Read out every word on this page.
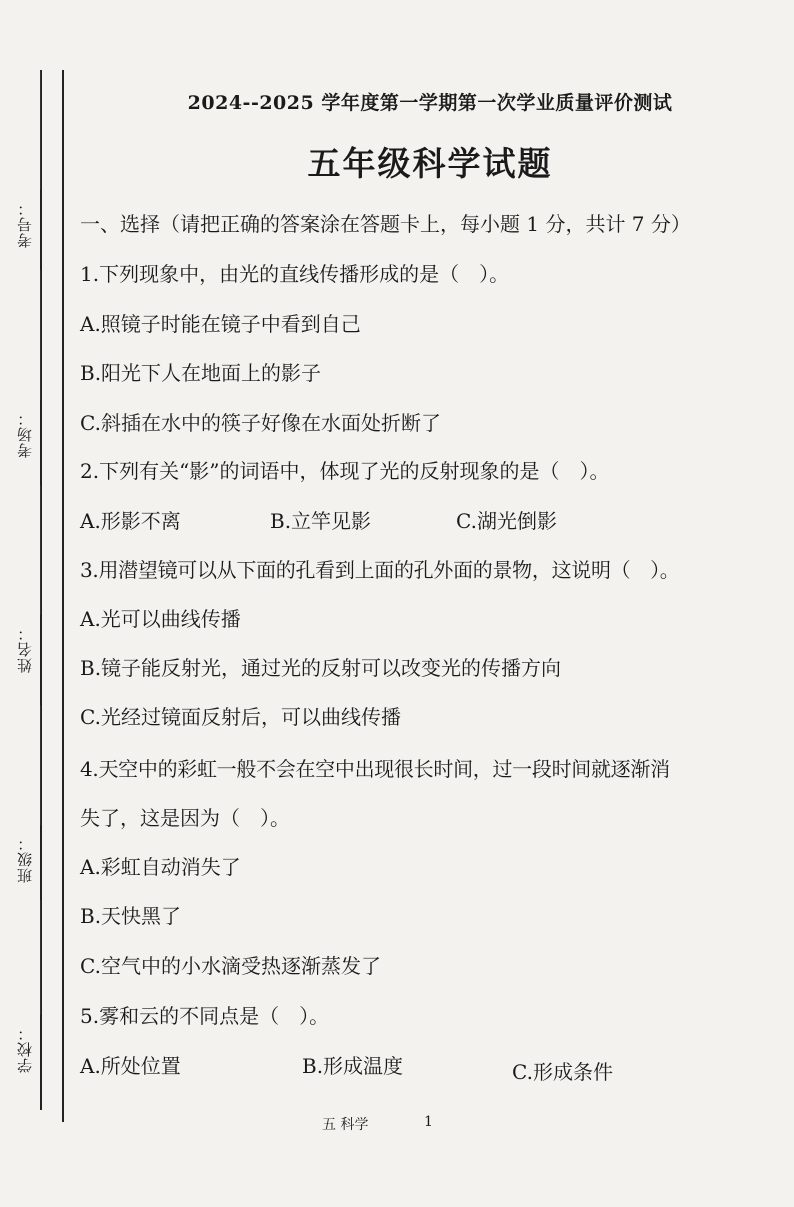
考号：
考场：
姓名：
班级：
学校：
2024--2025 学年度第一学期第一次学业质量评价测试
五年级科学试题
一、选择（请把正确的答案涂在答题卡上，每小题 1 分，共计 7 分）
1.下列现象中，由光的直线传播形成的是（　）。
A.照镜子时能在镜子中看到自己
B.阳光下人在地面上的影子
C.斜插在水中的筷子好像在水面处折断了
2.下列有关“影”的词语中，体现了光的反射现象的是（　）。
A.形影不离	B.立竿见影	C.湖光倒影
3.用潜望镜可以从下面的孔看到上面的孔外面的景物，这说明（　）。
A.光可以曲线传播
B.镜子能反射光，通过光的反射可以改变光的传播方向
C.光经过镜面反射后，可以曲线传播
4.天空中的彩虹一般不会在空中出现很长时间，过一段时间就逐渐消
失了，这是因为（　）。
A.彩虹自动消失了
B.天快黑了
C.空气中的小水滴受热逐渐蒸发了
5.雾和云的不同点是（　）。
A.所处位置	B.形成温度	C.形成条件
五 科学	1
